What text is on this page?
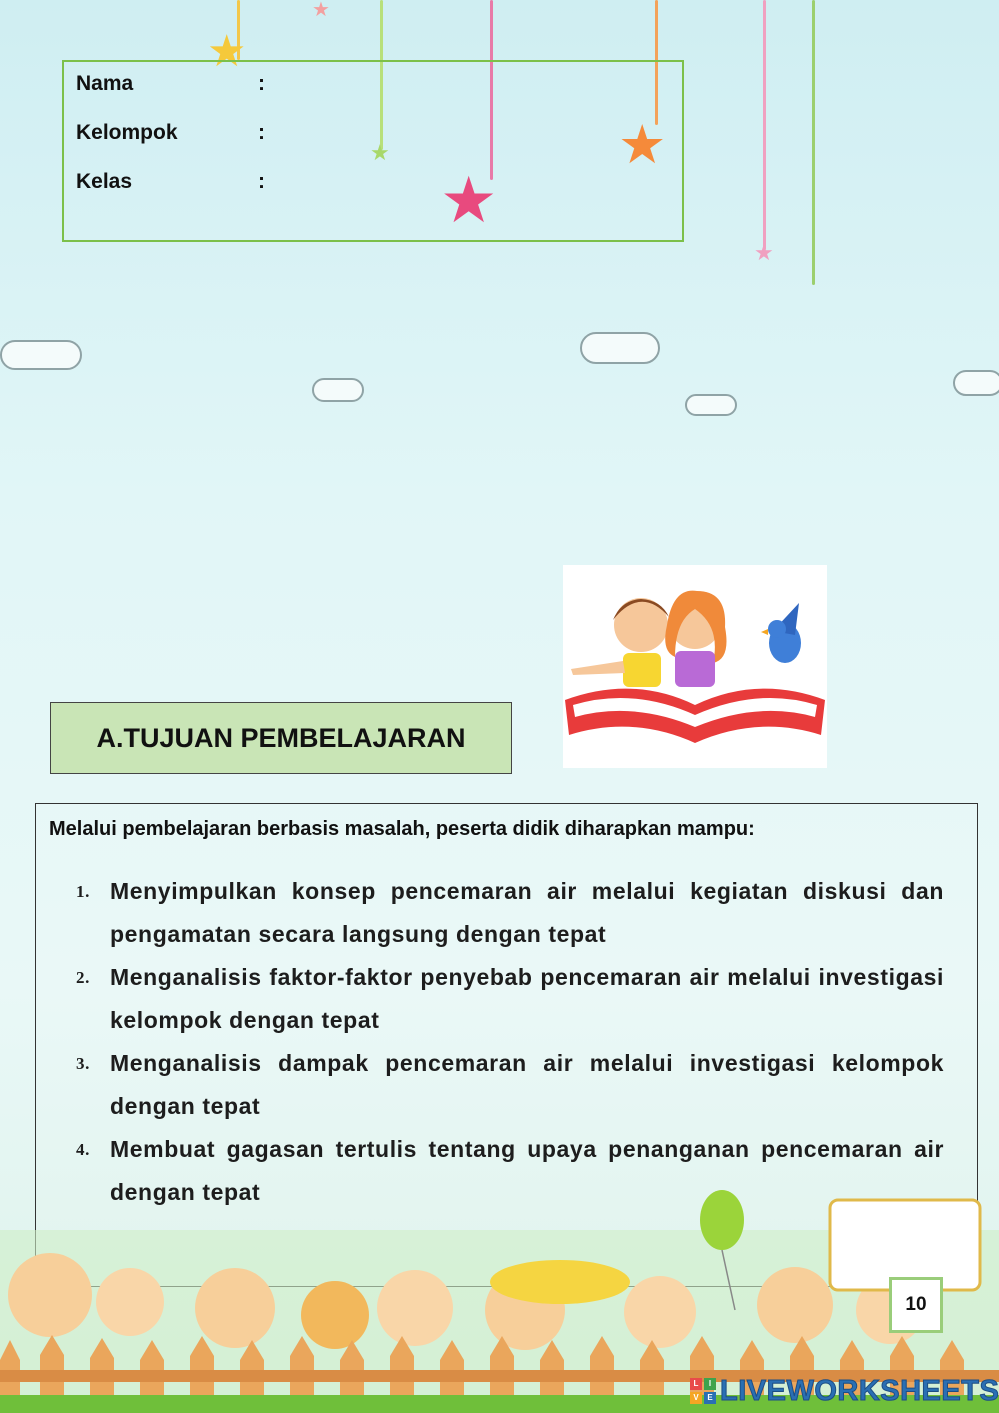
★
★
★
★
★
★
Nama	:
Kelompok	:
Kelas	:
A.TUJUAN PEMBELAJARAN
Melalui pembelajaran berbasis masalah, peserta didik diharapkan mampu:
1. Menyimpulkan konsep pencemaran air melalui kegiatan diskusi dan pengamatan secara langsung dengan tepat
2. Menganalisis faktor-faktor penyebab pencemaran air melalui investigasi kelompok dengan tepat
3. Menganalisis dampak pencemaran air melalui investigasi kelompok dengan tepat
4. Membuat gagasan tertulis tentang upaya penanganan pencemaran air dengan tepat
10
L	I
V	E LIVEWORKSHEETS
